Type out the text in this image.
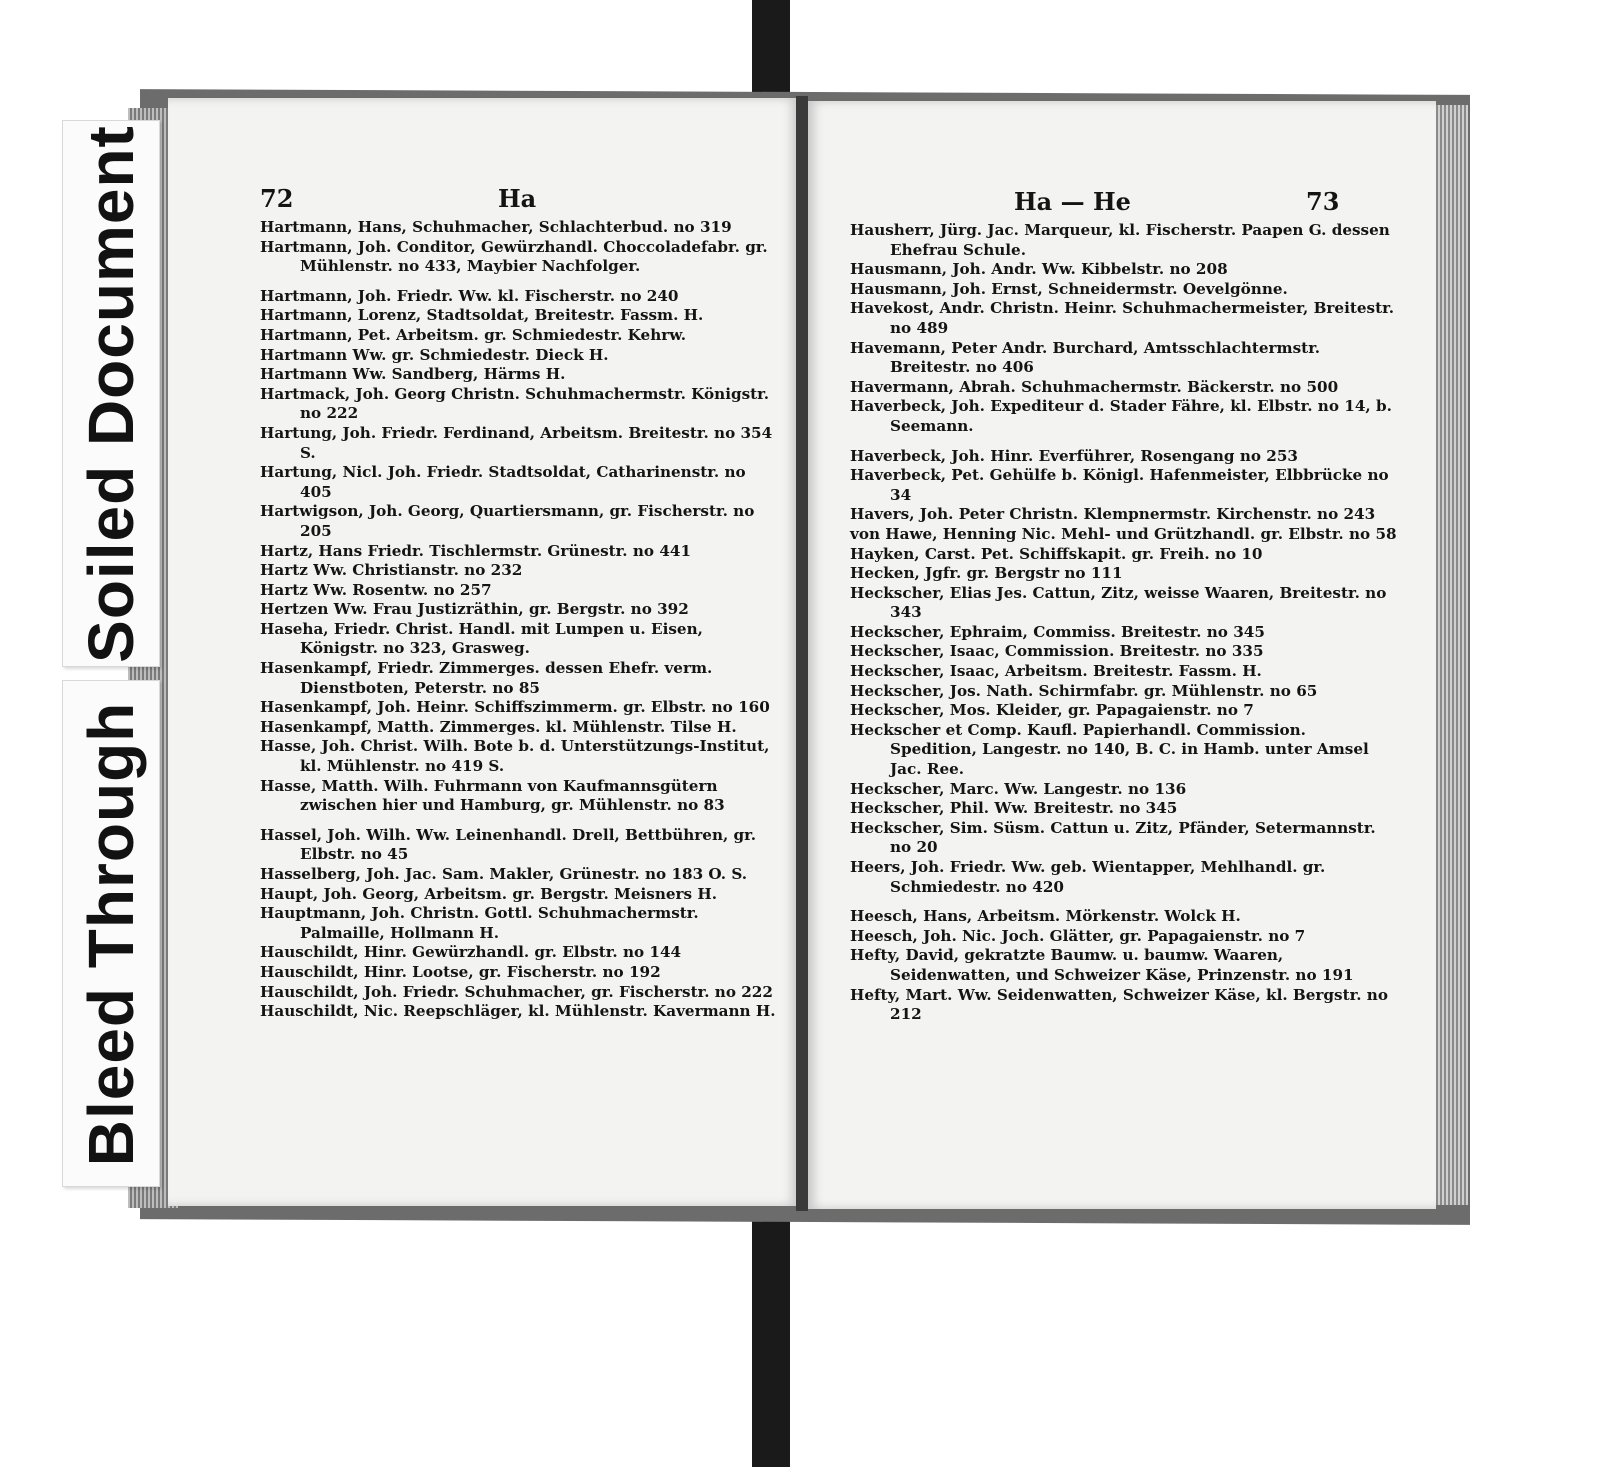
72	Ha

Hartmann, Hans, Schuhmacher, Schlachterbud. no 319

Hartmann, Joh. Conditor, Gewürzhandl. Choccoladefabr. gr. Mühlenstr. no 433, Maybier Nachfolger.

Hartmann, Joh. Friedr. Ww. kl. Fischerstr. no 240

Hartmann, Lorenz, Stadtsoldat, Breitestr. Fassm. H.

Hartmann, Pet. Arbeitsm. gr. Schmiedestr. Kehrw.

Hartmann Ww. gr. Schmiedestr. Dieck H.

Hartmann Ww. Sandberg, Härms H.

Hartmack, Joh. Georg Christn. Schuhmachermstr. Königstr. no 222

Hartung, Joh. Friedr. Ferdinand, Arbeitsm. Breitestr. no 354 S.

Hartung, Nicl. Joh. Friedr. Stadtsoldat, Catharinenstr. no 405

Hartwigson, Joh. Georg, Quartiersmann, gr. Fischerstr. no 205

Hartz, Hans Friedr. Tischlermstr. Grünestr. no 441

Hartz Ww. Christianstr. no 232

Hartz Ww. Rosentw. no 257

Hertzen Ww. Frau Justizräthin, gr. Bergstr. no 392

Haseha, Friedr. Christ. Handl. mit Lumpen u. Eisen, Königstr. no 323, Grasweg.

Hasenkampf, Friedr. Zimmerges. dessen Ehefr. verm. Dienstboten, Peterstr. no 85

Hasenkampf, Joh. Heinr. Schiffszimmerm. gr. Elbstr. no 160

Hasenkampf, Matth. Zimmerges. kl. Mühlenstr. Tilse H.

Hasse, Joh. Christ. Wilh. Bote b. d. Unterstützungs-Institut, kl. Mühlenstr. no 419 S.

Hasse, Matth. Wilh. Fuhrmann von Kaufmannsgütern zwischen hier und Hamburg, gr. Mühlenstr. no 83

Hassel, Joh. Wilh. Ww. Leinenhandl. Drell, Bettbühren, gr. Elbstr. no 45

Hasselberg, Joh. Jac. Sam. Makler, Grünestr. no 183 O. S.

Haupt, Joh. Georg, Arbeitsm. gr. Bergstr. Meisners H.

Hauptmann, Joh. Christn. Gottl. Schuhmachermstr. Palmaille, Hollmann H.

Hauschildt, Hinr. Gewürzhandl. gr. Elbstr. no 144

Hauschildt, Hinr. Lootse, gr. Fischerstr. no 192

Hauschildt, Joh. Friedr. Schuhmacher, gr. Fischerstr. no 222

Hauschildt, Nic. Reepschläger, kl. Mühlenstr. Kavermann H.

Ha — He	73

Hausherr, Jürg. Jac. Marqueur, kl. Fischerstr. Paapen G. dessen Ehefrau Schule.

Hausmann, Joh. Andr. Ww. Kibbelstr. no 208

Hausmann, Joh. Ernst, Schneidermstr. Oevelgönne.

Havekost, Andr. Christn. Heinr. Schuhmachermeister, Breitestr. no 489

Havemann, Peter Andr. Burchard, Amtsschlachtermstr. Breitestr. no 406

Havermann, Abrah. Schuhmachermstr. Bäckerstr. no 500

Haverbeck, Joh. Expediteur d. Stader Fähre, kl. Elbstr. no 14, b. Seemann.

Haverbeck, Joh. Hinr. Everführer, Rosengang no 253

Haverbeck, Pet. Gehülfe b. Königl. Hafenmeister, Elbbrücke no 34

Havers, Joh. Peter Christn. Klempnermstr. Kirchenstr. no 243

von Hawe, Henning Nic. Mehl- und Grützhandl. gr. Elbstr. no 58

Hayken, Carst. Pet. Schiffskapit. gr. Freih. no 10

Hecken, Jgfr. gr. Bergstr no 111

Heckscher, Elias Jes. Cattun, Zitz, weisse Waaren, Breitestr. no 343

Heckscher, Ephraim, Commiss. Breitestr. no 345

Heckscher, Isaac, Commission. Breitestr. no 335

Heckscher, Isaac, Arbeitsm. Breitestr. Fassm. H.

Heckscher, Jos. Nath. Schirmfabr. gr. Mühlenstr. no 65

Heckscher, Mos. Kleider, gr. Papagaienstr. no 7

Heckscher et Comp. Kaufl. Papierhandl. Commission. Spedition, Langestr. no 140, B. C. in Hamb. unter Amsel Jac. Ree.

Heckscher, Marc. Ww. Langestr. no 136

Heckscher, Phil. Ww. Breitestr. no 345

Heckscher, Sim. Süsm. Cattun u. Zitz, Pfänder, Setermannstr. no 20

Heers, Joh. Friedr. Ww. geb. Wientapper, Mehlhandl. gr. Schmiedestr. no 420

Heesch, Hans, Arbeitsm. Mörkenstr. Wolck H.

Heesch, Joh. Nic. Joch. Glätter, gr. Papagaienstr. no 7

Hefty, David, gekratzte Baumw. u. baumw. Waaren, Seidenwatten, und Schweizer Käse, Prinzenstr. no 191

Hefty, Mart. Ww. Seidenwatten, Schweizer Käse, kl. Bergstr. no 212

Soiled Document
Bleed Through
